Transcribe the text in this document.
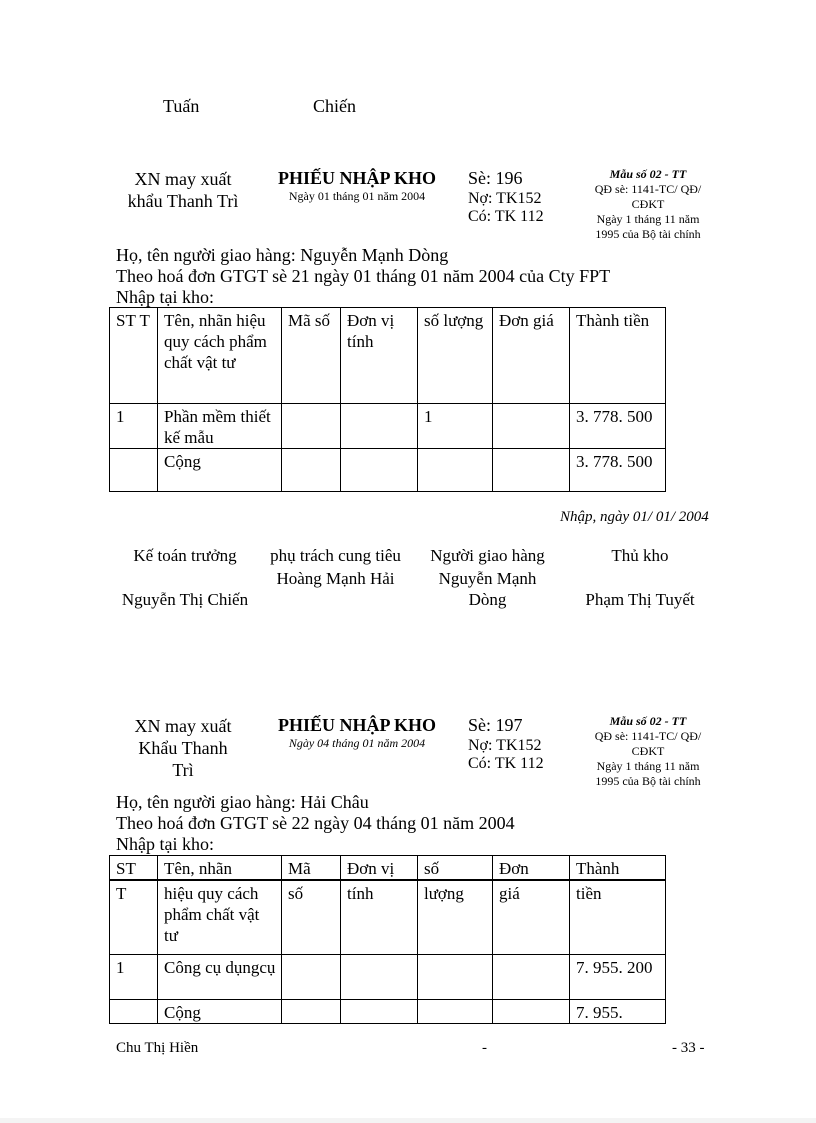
Tuấn	Chiến
XN may xuất
khẩu Thanh Trì
PHIẾU NHẬP KHO
Ngày 01 tháng 01 năm 2004
Sè: 196
Nợ: TK152
Có: TK 112
Mẫu số 02 - TT
QĐ sè: 1141-TC/ QĐ/
CĐKT
Ngày 1 tháng 11 năm
1995 của Bộ tài chính
Họ, tên người giao hàng: Nguyễn Mạnh Dòng
Theo hoá đơn GTGT sè 21 ngày 01 tháng 01 năm 2004 của Cty FPT
Nhập tại kho:
ST T	Tên, nhãn hiệu quy cách phẩm chất vật tư	Mã số	Đơn vị tính	số lượng	Đơn giá	Thành tiền
1	Phần mềm thiết kế mẫu			1		3. 778. 500
	Cộng					3. 778. 500
Nhập, ngày 01/ 01/ 2004
Kế toán trưởng
Nguyễn Thị Chiến
phụ trách cung tiêu
Hoàng Mạnh Hải
Người giao hàng
Nguyễn Mạnh Dòng
Thủ kho
Phạm Thị Tuyết
XN may xuất
Khẩu Thanh
Trì
PHIẾU NHẬP KHO
Ngày 04 tháng 01 năm 2004
Sè: 197
Nợ: TK152
Có: TK 112
Mẫu số 02 - TT
QĐ sè: 1141-TC/ QĐ/
CĐKT
Ngày 1 tháng 11 năm
1995 của Bộ tài chính
Họ, tên người giao hàng: Hải Châu
Theo hoá đơn GTGT sè 22 ngày 04 tháng 01 năm 2004
Nhập tại kho:
ST	Tên, nhãn	Mã	Đơn vị	số	Đơn	Thành
T	hiệu quy cách phẩm chất vật tư	số	tính	lượng	giá	tiền
1	Công cụ dụngcụ					7. 955. 200
	Cộng					7. 955.
Chu Thị Hiền	-	- 33 -
